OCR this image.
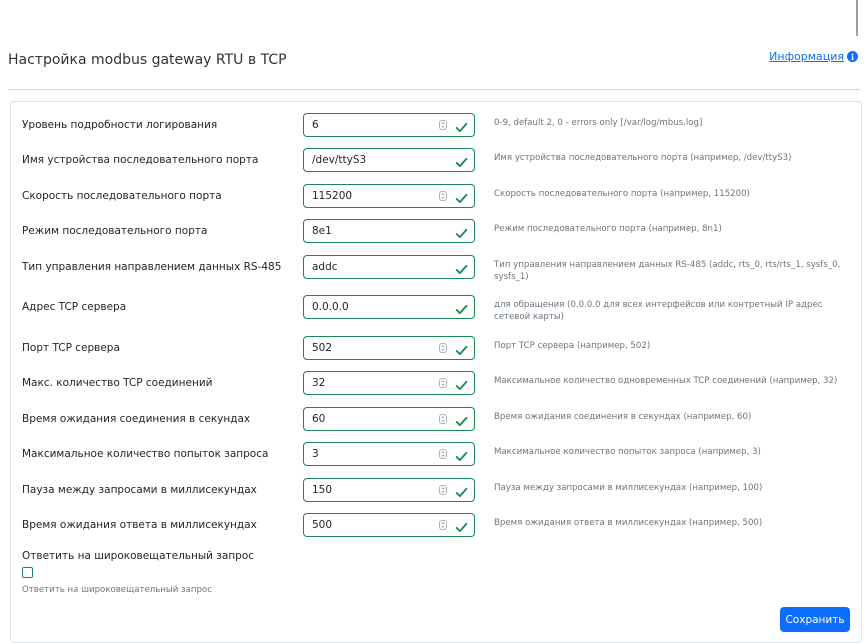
Настройка modbus gateway RTU в TCP	Информация i
Уровень подробности логирования	6	0-9, default 2, 0 - errors only [/var/log/mbus.log]
Имя устройства последовательного порта	/dev/ttyS3	Имя устройства последовательного порта (например, /dev/ttyS3)
Скорость последовательного порта	115200	Скорость последовательного порта (например, 115200)
Режим последовательного порта	8e1	Режим последовательного порта (например, 8n1)
Тип управления направлением данных RS-485	addc	Тип управления направлением данных RS-485 (addc, rts_0, rts/rts_1, sysfs_0, sysfs_1)
Адрес TCP сервера	0.0.0.0	для обращения (0.0.0.0 для всех интерфейсов или контретный IP адрес сетевой карты)
Порт TCP сервера	502	Порт TCP сервера (например, 502)
Макс. количество TCP соединений	32	Максимальное количество одновременных TCP соединений (например, 32)
Время ожидания соединения в секундах	60	Время ожидания соединения в секундах (например, 60)
Максимальное количество попыток запроса	3	Максимальное количество попыток запроса (например, 3)
Пауза между запросами в миллисекундах	150	Пауза между запросами в миллисекундах (например, 100)
Время ожидания ответа в миллисекундах	500	Время ожидания ответа в миллисекундах (например, 500)
Ответить на широковещательный запрос
Ответить на широковещательный запрос
Сохранить
